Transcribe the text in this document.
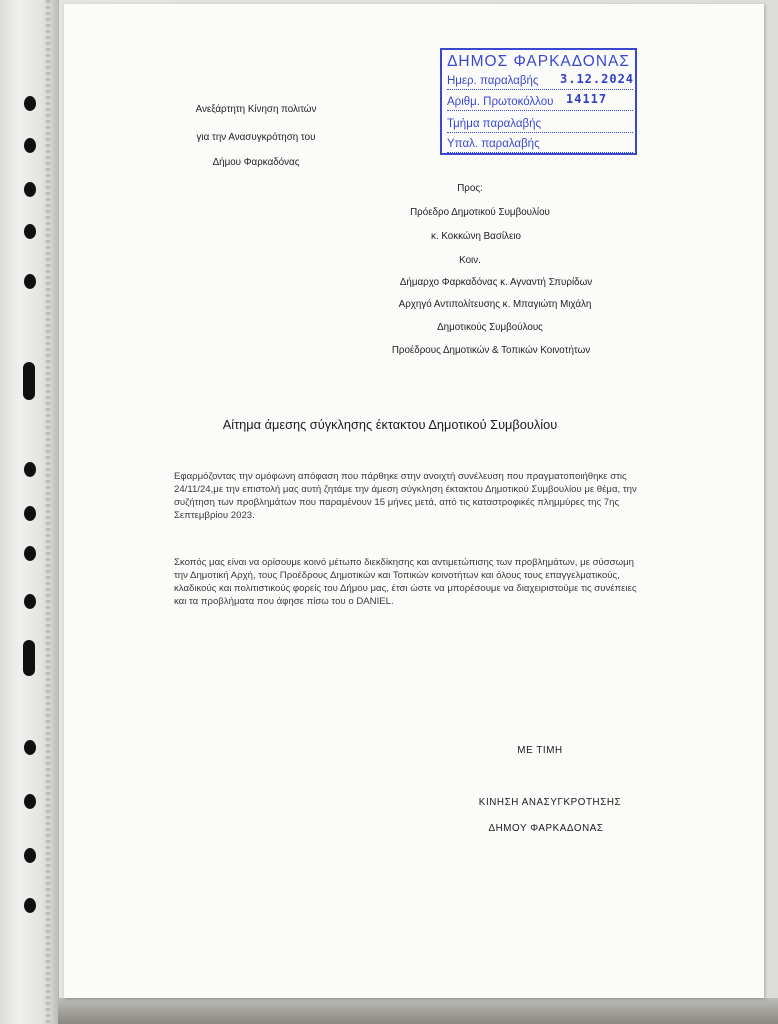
Ανεξάρτητη Κίνηση πολιτών
για την Ανασυγκρότηση του
Δήμου Φαρκαδόνας
ΔΗΜΟΣ ΦΑΡΚΑΔΟΝΑΣ
Ημερ. παραλαβής
Αριθμ. Πρωτοκόλλου
Τμήμα παραλαβής
Υπαλ. παραλαβής
3.12.2024
14117
Προς:
Πρόεδρο Δημοτικού Συμβουλίου
κ. Κοκκώνη Βασίλειο
Κοιν.
Δήμαρχο Φαρκαδόνας κ. Αγναντή Σπυρίδων
Αρχηγό Αντιπολίτευσης κ. Μπαγιώτη Μιχάλη
Δημοτικούς Συμβούλους
Προέδρους Δημοτικών & Τοπικών Κοινοτήτων
Αίτημα άμεσης σύγκλησης έκτακτου Δημοτικού Συμβουλίου
Εφαρμόζοντας την ομόφωνη απόφαση που πάρθηκε στην ανοιχτή συνέλευση που πραγματοποιήθηκε στις 24/11/24,με την επιστολή μας αυτή ζητάμε την άμεση σύγκληση έκτακτου Δημοτικού Συμβουλίου με θέμα, την συζήτηση των προβλημάτων που παραμένουν 15 μήνες μετά, από τις καταστροφικές πλημμύρες της 7ης Σεπτεμβρίου 2023.
Σκοπός μας είναι να ορίσουμε κοινό μέτωπο διεκδίκησης και αντιμετώπισης των προβλημάτων, με σύσσωμη την Δημοτική Αρχή, τους Προέδρους Δημοτικών και Τοπικών κοινοτήτων και όλους τους επαγγελματικούς, κλαδικούς και πολιτιστικούς φορείς του Δήμου μας, έτσι ώστε να μπορέσουμε να διαχειριστούμε τις συνέπειες και τα προβλήματα που άφησε πίσω του ο DANIEL.
ΜΕ ΤΙΜΗ
ΚΙΝΗΣΗ ΑΝΑΣΥΓΚΡΟΤΗΣΗΣ
ΔΗΜΟΥ ΦΑΡΚΑΔΟΝΑΣ
